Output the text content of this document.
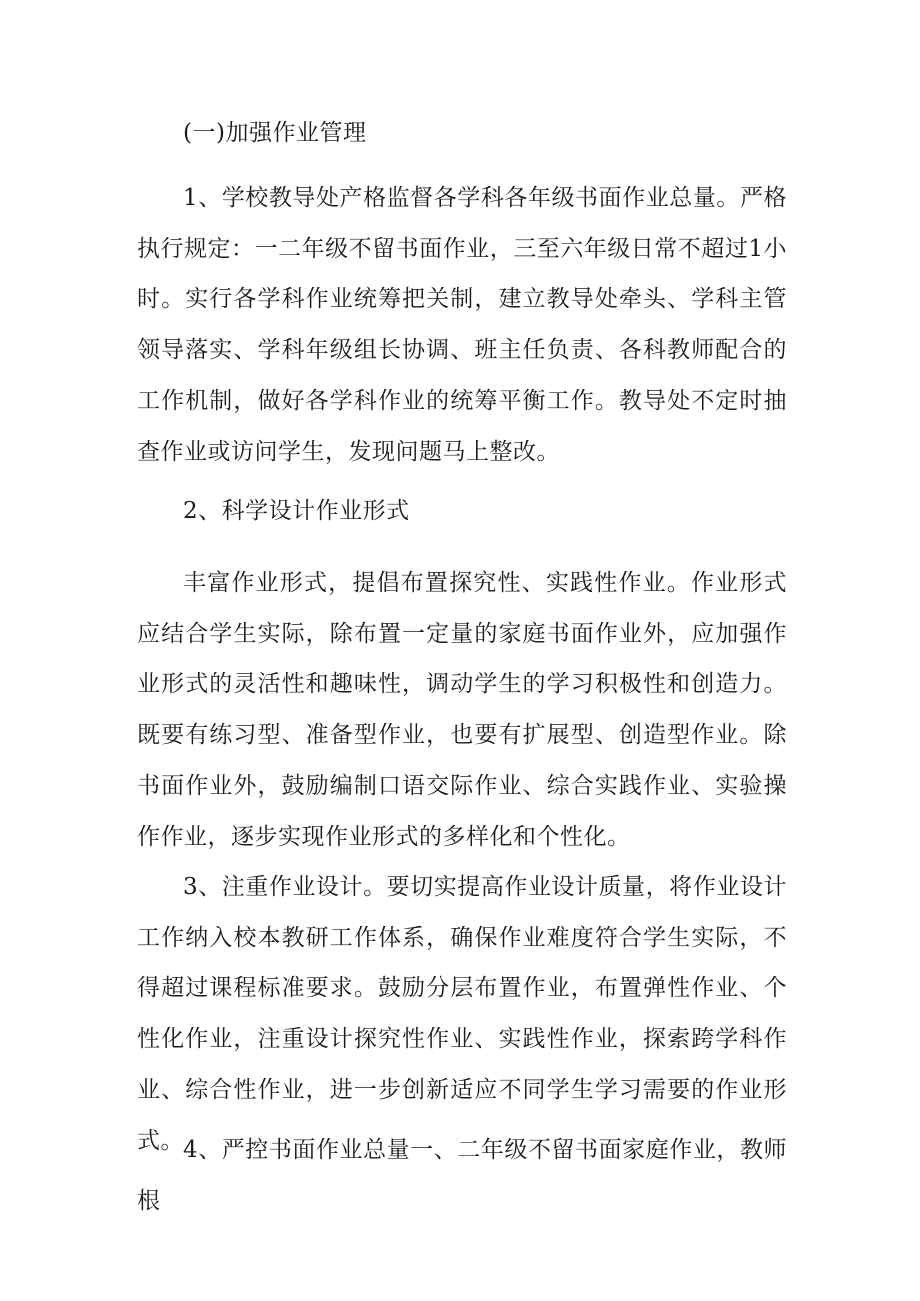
(一)加强作业管理

1、学校教导处产格监督各学科各年级书面作业总量。严格执行规定：一二年级不留书面作业，三至六年级日常不超过1小时。实行各学科作业统筹把关制，建立教导处牵头、学科主管领导落实、学科年级组长协调、班主任负责、各科教师配合的工作机制，做好各学科作业的统筹平衡工作。教导处不定时抽查作业或访问学生，发现问题马上整改。

2、科学设计作业形式

丰富作业形式，提倡布置探究性、实践性作业。作业形式应结合学生实际，除布置一定量的家庭书面作业外，应加强作业形式的灵活性和趣味性，调动学生的学习积极性和创造力。既要有练习型、准备型作业，也要有扩展型、创造型作业。除书面作业外，鼓励编制口语交际作业、综合实践作业、实验操作作业，逐步实现作业形式的多样化和个性化。

3、注重作业设计。要切实提高作业设计质量，将作业设计工作纳入校本教研工作体系，确保作业难度符合学生实际，不得超过课程标准要求。鼓励分层布置作业，布置弹性作业、个性化作业，注重设计探究性作业、实践性作业，探索跨学科作业、综合性作业，进一步创新适应不同学生学习需要的作业形式。 4、严控书面作业总量一、二年级不留书面家庭作业，教师根
